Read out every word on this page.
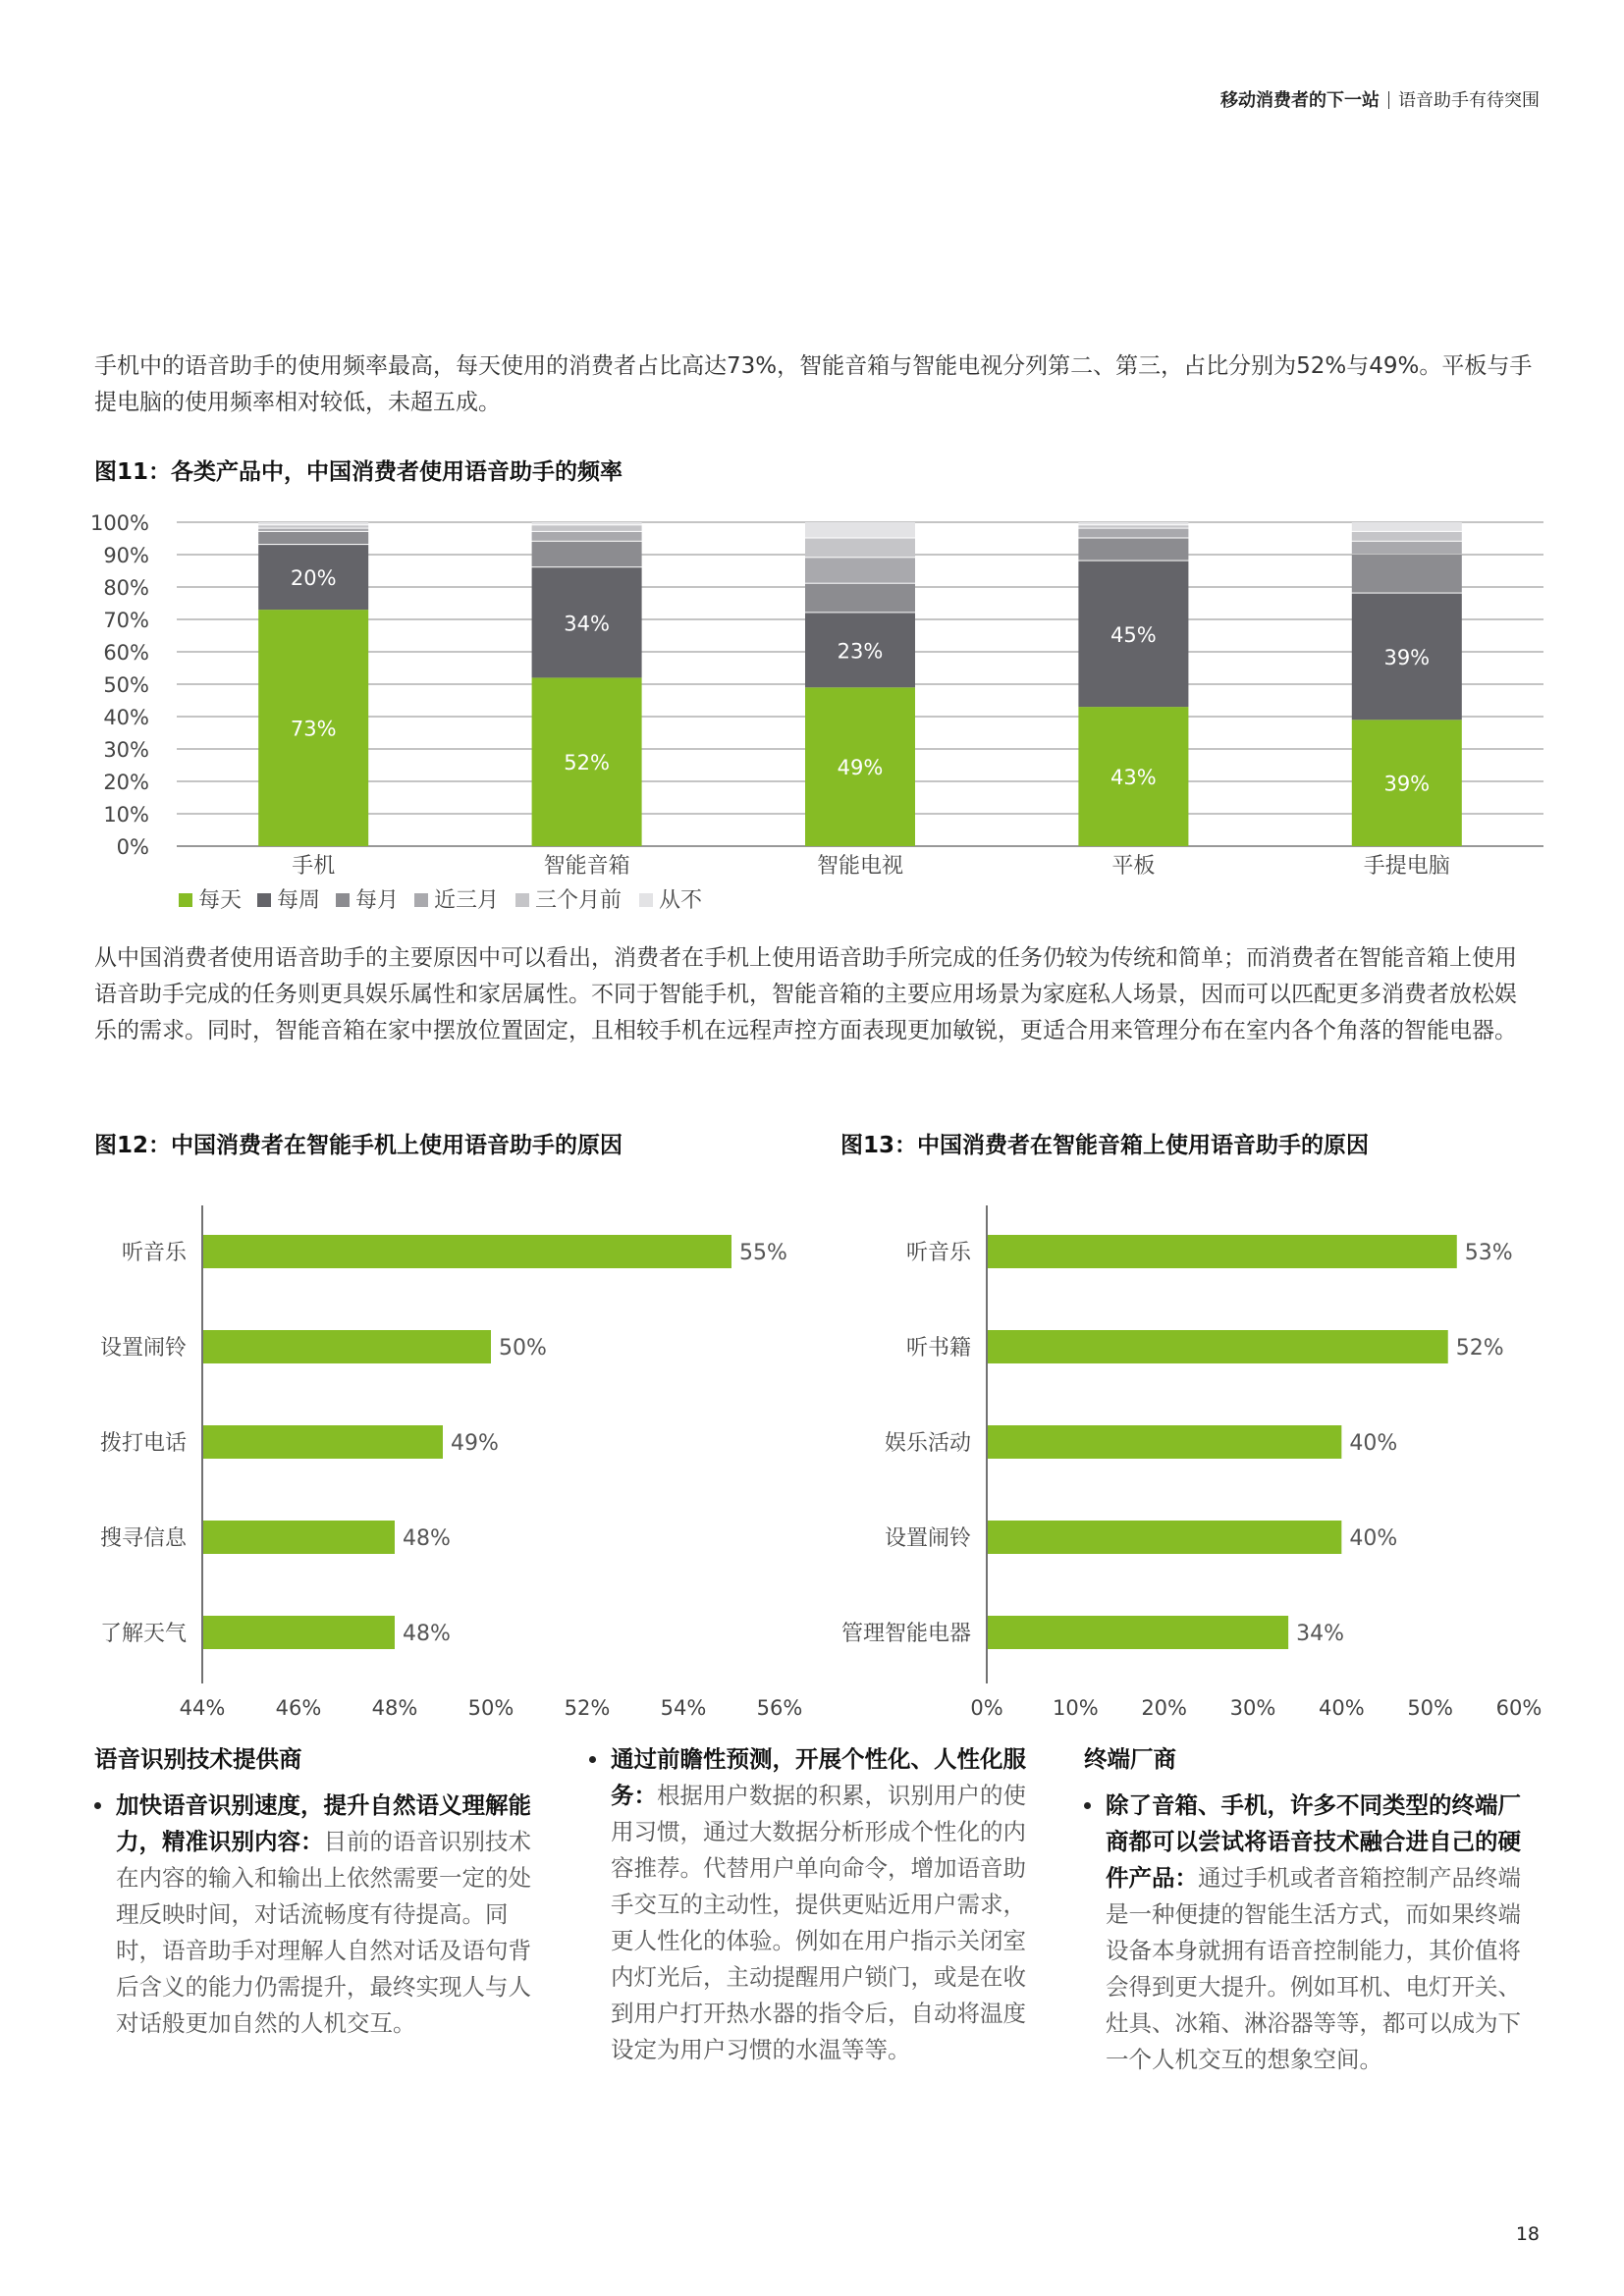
移动消费者的下一站 语音助手有待突围
手机中的语音助手的使用频率最高，每天使用的消费者占比高达73%，智能音箱与智能电视分列第二、第三，占比分别为52%与49%。平板与手提电脑的使用频率相对较低，未超五成。
图11：各类产品中，中国消费者使用语音助手的频率
0%
10%
20%
30%
40%
50%
60%
70%
80%
90%
100%
73%
20%
手机
52%
34%
智能音箱
49%
23%
智能电视
43%
45%
平板
39%
39%
手提电脑
每天 每周 每月 近三月 三个月前 从不
从中国消费者使用语音助手的主要原因中可以看出，消费者在手机上使用语音助手所完成的任务仍较为传统和简单；而消费者在智能音箱上使用语音助手完成的任务则更具娱乐属性和家居属性。不同于智能手机，智能音箱的主要应用场景为家庭私人场景，因而可以匹配更多消费者放松娱乐的需求。同时，智能音箱在家中摆放位置固定，且相较手机在远程声控方面表现更加敏锐，更适合用来管理分布在室内各个角落的智能电器。
图12：中国消费者在智能手机上使用语音助手的原因	图13：中国消费者在智能音箱上使用语音助手的原因
听音乐	55%
设置闹铃	50%
拨打电话	49%
搜寻信息	48%
了解天气	48%
44% 46% 48% 50% 52% 54% 56%
听音乐	53%
听书籍	52%
娱乐活动	40%
设置闹铃	40%
管理智能电器	34%
0% 10% 20% 30% 40% 50% 60%
语音识别技术提供商
加快语音识别速度，提升自然语义理解能力，精准识别内容：目前的语音识别技术在内容的输入和输出上依然需要一定的处理反映时间，对话流畅度有待提高。同时，语音助手对理解人自然对话及语句背后含义的能力仍需提升，最终实现人与人对话般更加自然的人机交互。
通过前瞻性预测，开展个性化、人性化服务：根据用户数据的积累，识别用户的使用习惯，通过大数据分析形成个性化的内容推荐。代替用户单向命令，增加语音助手交互的主动性，提供更贴近用户需求，更人性化的体验。例如在用户指示关闭室内灯光后，主动提醒用户锁门，或是在收到用户打开热水器的指令后，自动将温度设定为用户习惯的水温等等。
终端厂商
除了音箱、手机，许多不同类型的终端厂商都可以尝试将语音技术融合进自己的硬件产品：通过手机或者音箱控制产品终端是一种便捷的智能生活方式，而如果终端设备本身就拥有语音控制能力，其价值将会得到更大提升。例如耳机、电灯开关、灶具、冰箱、淋浴器等等，都可以成为下一个人机交互的想象空间。
18
